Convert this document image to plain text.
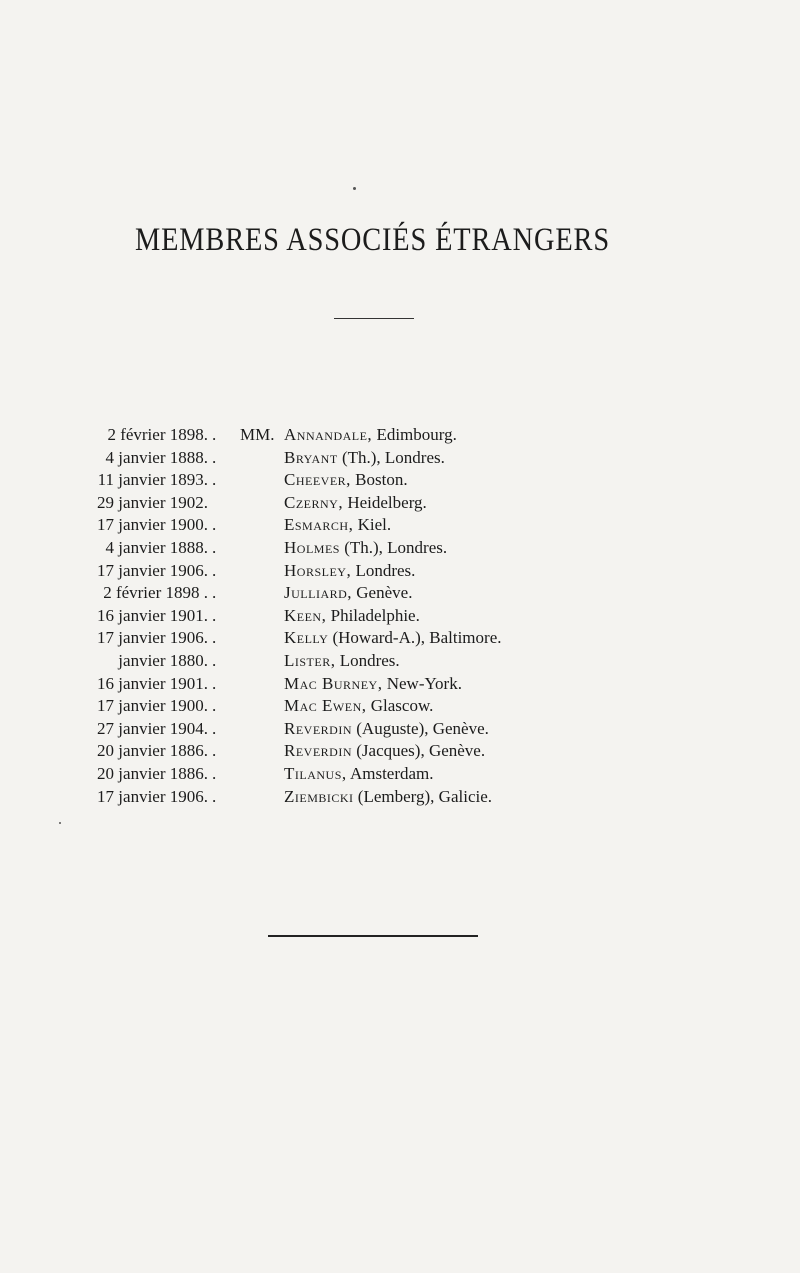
MEMBRES ASSOCIÉS ÉTRANGERS
2 février 1898. . MM. Annandale, Edimbourg.
4 janvier 1888. .	Bryant (Th.), Londres.
11 janvier 1893. .	Cheever, Boston.
29 janvier 1902.	Czerny, Heidelberg.
17 janvier 1900. .	Esmarch, Kiel.
4 janvier 1888. .	Holmes (Th.), Londres.
17 janvier 1906. .	Horsley, Londres.
2 février 1898 . .	Julliard, Genève.
16 janvier 1901. .	Keen, Philadelphie.
17 janvier 1906. .	Kelly (Howard-A.), Baltimore.
janvier 1880. .	Lister, Londres.
16 janvier 1901. .	Mac Burney, New-York.
17 janvier 1900. .	Mac Ewen, Glascow.
27 janvier 1904. .	Reverdin (Auguste), Genève.
20 janvier 1886. .	Reverdin (Jacques), Genève.
20 janvier 1886. .	Tilanus, Amsterdam.
17 janvier 1906. .	Ziembicki (Lemberg), Galicie.
